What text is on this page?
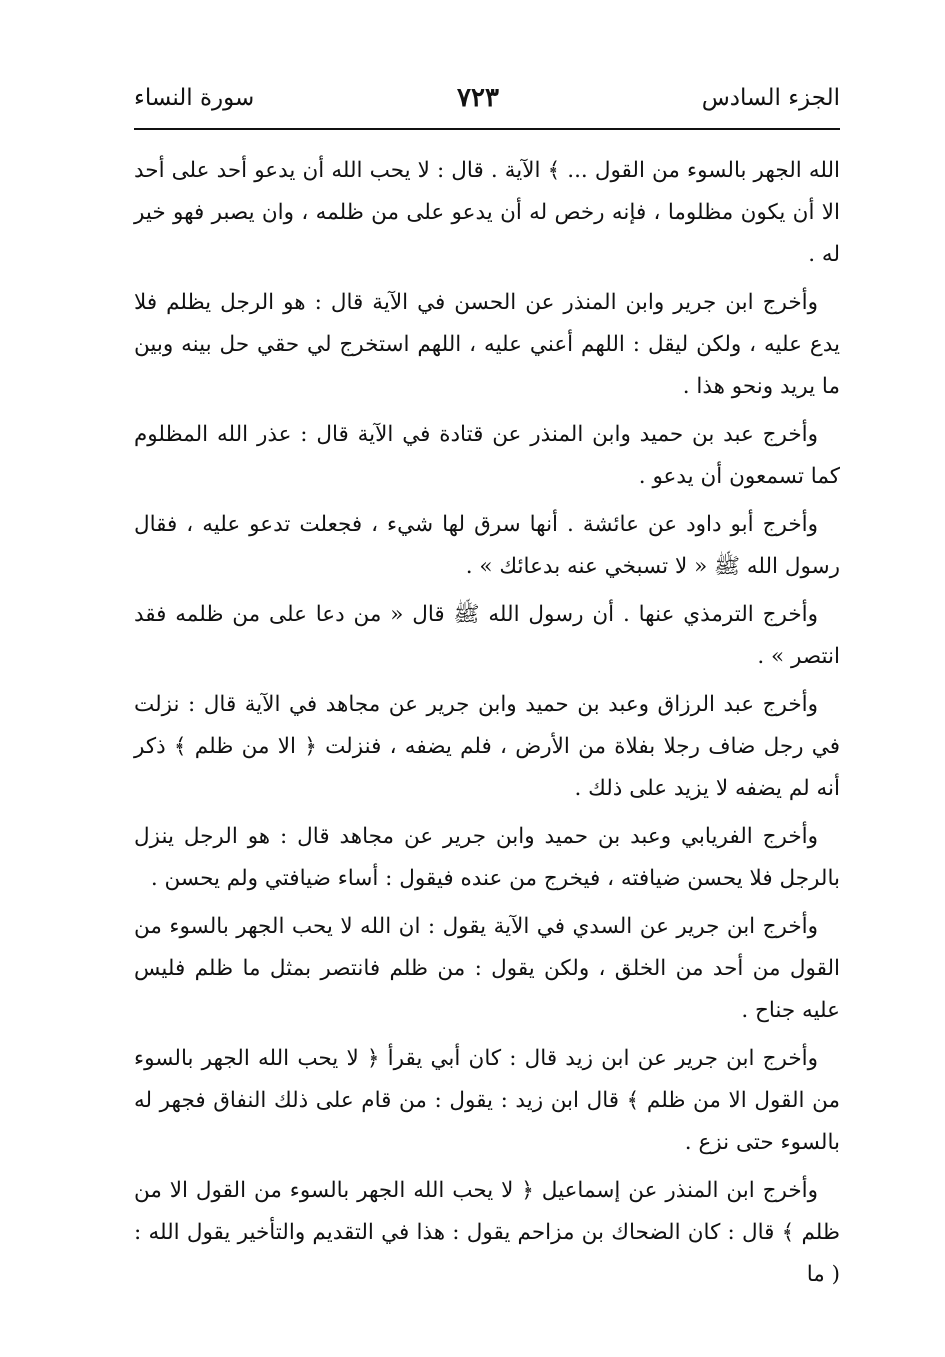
الجزء السادس
٧٢٣
سورة النساء

الله الجهر بالسوء من القول ... ﴾ الآية . قال : لا يحب الله أن يدعو أحد على أحد الا أن يكون مظلوما ، فإنه رخص له أن يدعو على من ظلمه ، وان يصبر فهو خير له .

وأخرج ابن جرير وابن المنذر عن الحسن في الآية قال : هو الرجل يظلم فلا يدع عليه ، ولكن ليقل : اللهم أعني عليه ، اللهم استخرج لي حقي حل بينه وبين ما يريد ونحو هذا .

وأخرج عبد بن حميد وابن المنذر عن قتادة في الآية قال : عذر الله المظلوم كما تسمعون أن يدعو .

وأخرج أبو داود عن عائشة . أنها سرق لها شيء ، فجعلت تدعو عليه ، فقال رسول الله ﷺ « لا تسبخي عنه بدعائك » .

وأخرج الترمذي عنها . أن رسول الله ﷺ قال « من دعا على من ظلمه فقد انتصر » .

وأخرج عبد الرزاق وعبد بن حميد وابن جرير عن مجاهد في الآية قال : نزلت في رجل ضاف رجلا بفلاة من الأرض ، فلم يضفه ، فنزلت ﴿ الا من ظلم ﴾ ذكر أنه لم يضفه لا يزيد على ذلك .

وأخرج الفريابي وعبد بن حميد وابن جرير عن مجاهد قال : هو الرجل ينزل بالرجل فلا يحسن ضيافته ، فيخرج من عنده فيقول : أساء ضيافتي ولم يحسن .

وأخرج ابن جرير عن السدي في الآية يقول : ان الله لا يحب الجهر بالسوء من القول من أحد من الخلق ، ولكن يقول : من ظلم فانتصر بمثل ما ظلم فليس عليه جناح .

وأخرج ابن جرير عن ابن زيد قال : كان أبي يقرأ ﴿ لا يحب الله الجهر بالسوء من القول الا من ظلم ﴾ قال ابن زيد : يقول : من قام على ذلك النفاق فجهر له بالسوء حتى نزع .

وأخرج ابن المنذر عن إسماعيل ﴿ لا يحب الله الجهر بالسوء من القول الا من ظلم ﴾ قال : كان الضحاك بن مزاحم يقول : هذا في التقديم والتأخير يقول الله : ( ما
